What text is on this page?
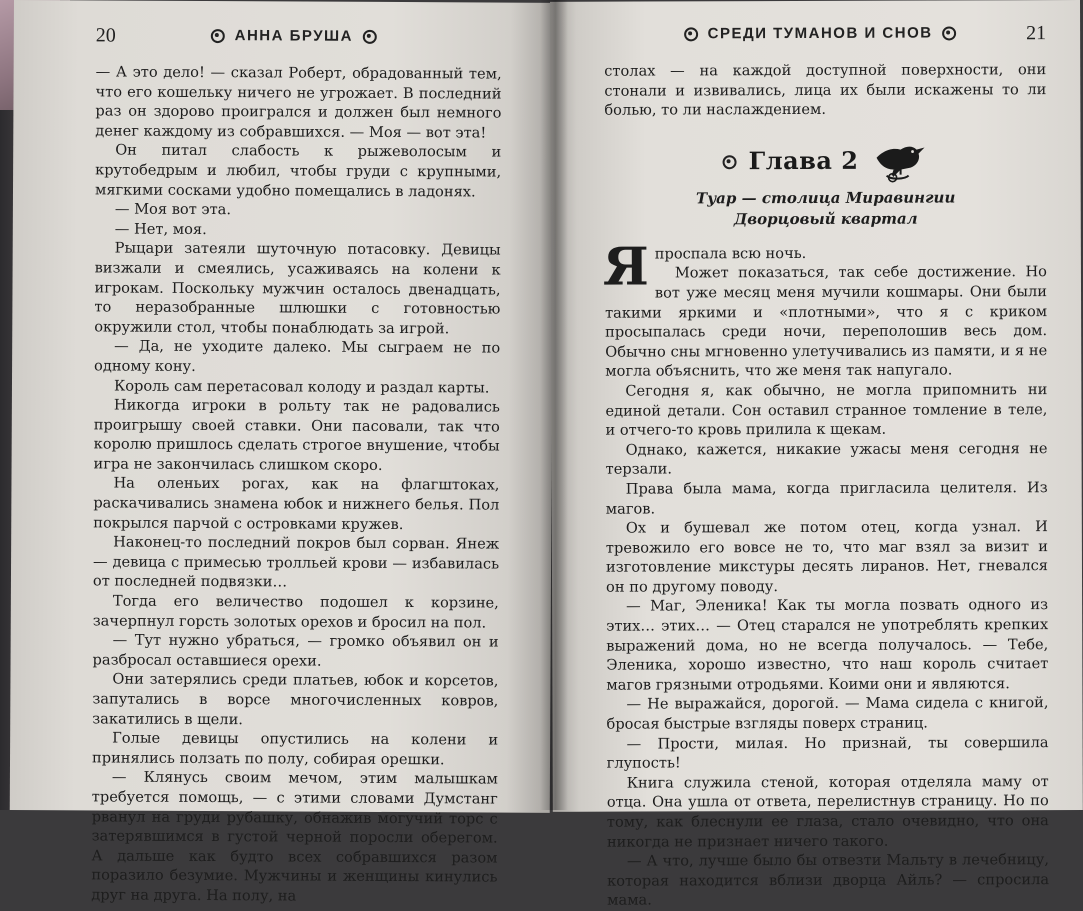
20	АННА БРУША

— А это дело! — сказал Роберт, обрадованный тем, что его кошельку ничего не угрожает. В последний раз он здорово проигрался и должен был немного денег каждому из собравшихся. — Моя — вот эта!

Он питал слабость к рыжеволосым и крутобедрым и любил, чтобы груди с крупными, мягкими сосками удобно помещались в ладонях.

— Моя вот эта.

— Нет, моя.

Рыцари затеяли шуточную потасовку. Девицы визжали и смеялись, усаживаясь на колени к игрокам. Поскольку мужчин осталось двенадцать, то неразобранные шлюшки с готовностью окружили стол, чтобы понаблюдать за игрой.

— Да, не уходите далеко. Мы сыграем не по одному кону.

Король сам перетасовал колоду и раздал карты.

Никогда игроки в рольту так не радовались проигрышу своей ставки. Они пасовали, так что королю пришлось сделать строгое внушение, чтобы игра не закончилась слишком скоро.

На оленьих рогах, как на флагштоках, раскачивались знамена юбок и нижнего белья. Пол покрылся парчой с островками кружев.

Наконец-то последний покров был сорван. Янеж — девица с примесью тролльей крови — избавилась от последней подвязки…

Тогда его величество подошел к корзине, зачерпнул горсть золотых орехов и бросил на пол.

— Тут нужно убраться, — громко объявил он и разбросал оставшиеся орехи.

Они затерялись среди платьев, юбок и корсетов, запутались в ворсе многочисленных ковров, закатились в щели.

Голые девицы опустились на колени и принялись ползать по полу, собирая орешки.

— Клянусь своим мечом, этим малышкам требуется помощь, — с этими словами Думстанг рванул на груди рубашку, обнажив могучий торс с затерявшимся в густой черной поросли оберегом. А дальше как будто всех собравшихся разом поразило безумие. Мужчины и женщины кинулись друг на друга. На полу, на

СРЕДИ ТУМАНОВ И СНОВ	21

столах — на каждой доступной поверхности, они стонали и извивались, лица их были искажены то ли болью, то ли наслаждением.

Глава 2
Туар — столица Миравингии
Дворцовый квартал
Я проспала всю ночь.

Может показаться, так себе достижение. Но вот уже месяц меня мучили кошмары. Они были такими яркими и «плотными», что я с криком просыпалась среди ночи, переполошив весь дом. Обычно сны мгновенно улетучивались из памяти, и я не могла объяснить, что же меня так напугало.

Сегодня я, как обычно, не могла припомнить ни единой детали. Сон оставил странное томление в теле, и отчего-то кровь прилила к щекам.

Однако, кажется, никакие ужасы меня сегодня не терзали.

Права была мама, когда пригласила целителя. Из магов.

Ох и бушевал же потом отец, когда узнал. И тревожило его вовсе не то, что маг взял за визит и изготовление микстуры десять лиранов. Нет, гневался он по другому поводу.

— Маг, Эленика! Как ты могла позвать одного из этих… этих… — Отец старался не употреблять крепких выражений дома, но не всегда получалось. — Тебе, Эленика, хорошо известно, что наш король считает магов грязными отродьями. Коими они и являются.

— Не выражайся, дорогой. — Мама сидела с книгой, бросая быстрые взгляды поверх страниц.

— Прости, милая. Но признай, ты совершила глупость!

Книга служила стеной, которая отделяла маму от отца. Она ушла от ответа, перелистнув страницу. Но по тому, как блеснули ее глаза, стало очевидно, что она никогда не признает ничего такого.

— А что, лучше было бы отвезти Мальту в лечебницу, которая находится вблизи дворца Айль? — спросила мама.
